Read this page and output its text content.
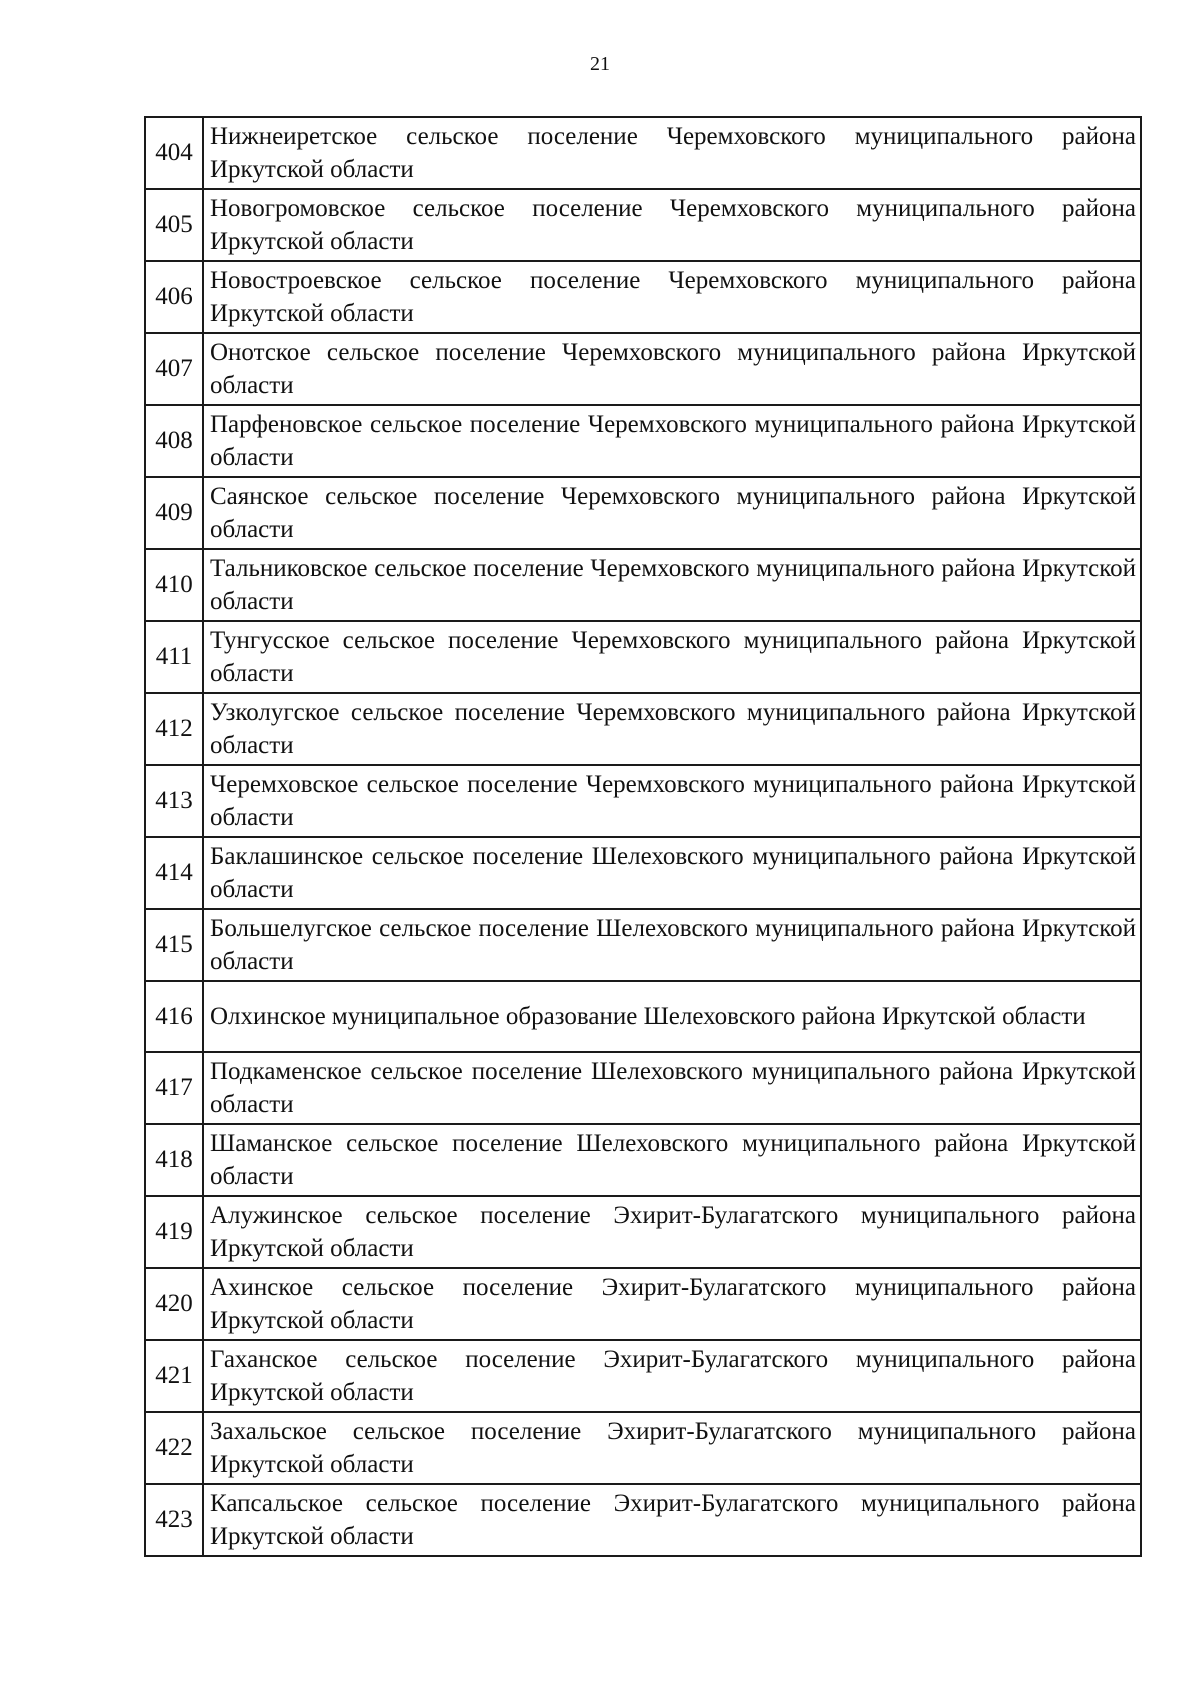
21
404	Нижнеиретское сельское поселение Черемховского муниципального района Иркутской области
405	Новогромовское сельское поселение Черемховского муниципального района Иркутской области
406	Новостроевское сельское поселение Черемховского муниципального района Иркутской области
407	Онотское сельское поселение Черемховского муниципального района Иркутской области
408	Парфеновское сельское поселение Черемховского муниципального района Иркутской области
409	Саянское сельское поселение Черемховского муниципального района Иркутской области
410	Тальниковское сельское поселение Черемховского муниципального района Иркутской области
411	Тунгусское сельское поселение Черемховского муниципального района Иркутской области
412	Узколугское сельское поселение Черемховского муниципального района Иркутской области
413	Черемховское сельское поселение Черемховского муниципального района Иркутской области
414	Баклашинское сельское поселение Шелеховского муниципального района Иркутской области
415	Большелугское сельское поселение Шелеховского муниципального района Иркутской области
416	Олхинское муниципальное образование Шелеховского района Иркутской области
417	Подкаменское сельское поселение Шелеховского муниципального района Иркутской области
418	Шаманское сельское поселение Шелеховского муниципального района Иркутской области
419	Алужинское сельское поселение Эхирит-Булагатского муниципального района Иркутской области
420	Ахинское сельское поселение Эхирит-Булагатского муниципального района Иркутской области
421	Гаханское сельское поселение Эхирит-Булагатского муниципального района Иркутской области
422	Захальское сельское поселение Эхирит-Булагатского муниципального района Иркутской области
423	Капсальское сельское поселение Эхирит-Булагатского муниципального района Иркутской области
